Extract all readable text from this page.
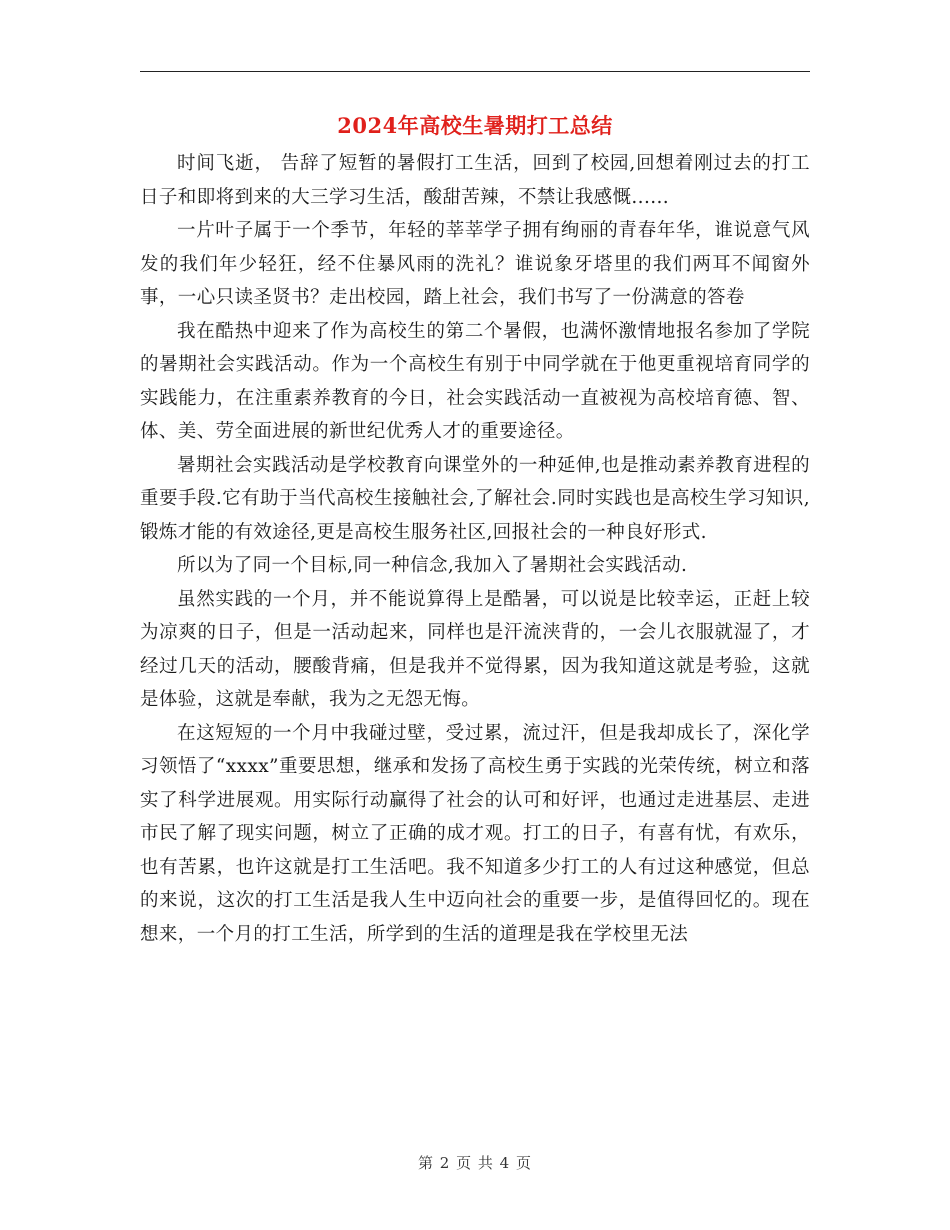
2024年高校生暑期打工总结

时间飞逝， 告辞了短暂的暑假打工生活，回到了校园,回想着刚过去的打工日子和即将到来的大三学习生活，酸甜苦辣，不禁让我感慨......

一片叶子属于一个季节，年轻的莘莘学子拥有绚丽的青春年华，谁说意气风发的我们年少轻狂，经不住暴风雨的洗礼？谁说象牙塔里的我们两耳不闻窗外事，一心只读圣贤书？走出校园，踏上社会，我们书写了一份满意的答卷

我在酷热中迎来了作为高校生的第二个暑假，也满怀激情地报名参加了学院的暑期社会实践活动。作为一个高校生有别于中同学就在于他更重视培育同学的实践能力，在注重素养教育的今日，社会实践活动一直被视为高校培育德、智、体、美、劳全面进展的新世纪优秀人才的重要途径。

暑期社会实践活动是学校教育向课堂外的一种延伸,也是推动素养教育进程的重要手段.它有助于当代高校生接触社会,了解社会.同时实践也是高校生学习知识,锻炼才能的有效途径,更是高校生服务社区,回报社会的一种良好形式.

所以为了同一个目标,同一种信念,我加入了暑期社会实践活动.

虽然实践的一个月，并不能说算得上是酷暑，可以说是比较幸运，正赶上较为凉爽的日子，但是一活动起来，同样也是汗流浃背的，一会儿衣服就湿了，才经过几天的活动，腰酸背痛，但是我并不觉得累，因为我知道这就是考验，这就是体验，这就是奉献，我为之无怨无悔。

在这短短的一个月中我碰过壁，受过累，流过汗，但是我却成长了，深化学习领悟了“xxxx”重要思想，继承和发扬了高校生勇于实践的光荣传统，树立和落实了科学进展观。用实际行动赢得了社会的认可和好评，也通过走进基层、走进市民了解了现实问题，树立了正确的成才观。打工的日子，有喜有忧，有欢乐，也有苦累，也许这就是打工生活吧。我不知道多少打工的人有过这种感觉，但总的来说，这次的打工生活是我人生中迈向社会的重要一步，是值得回忆的。现在想来，一个月的打工生活，所学到的生活的道理是我在学校里无法

第 2 页 共 4 页
